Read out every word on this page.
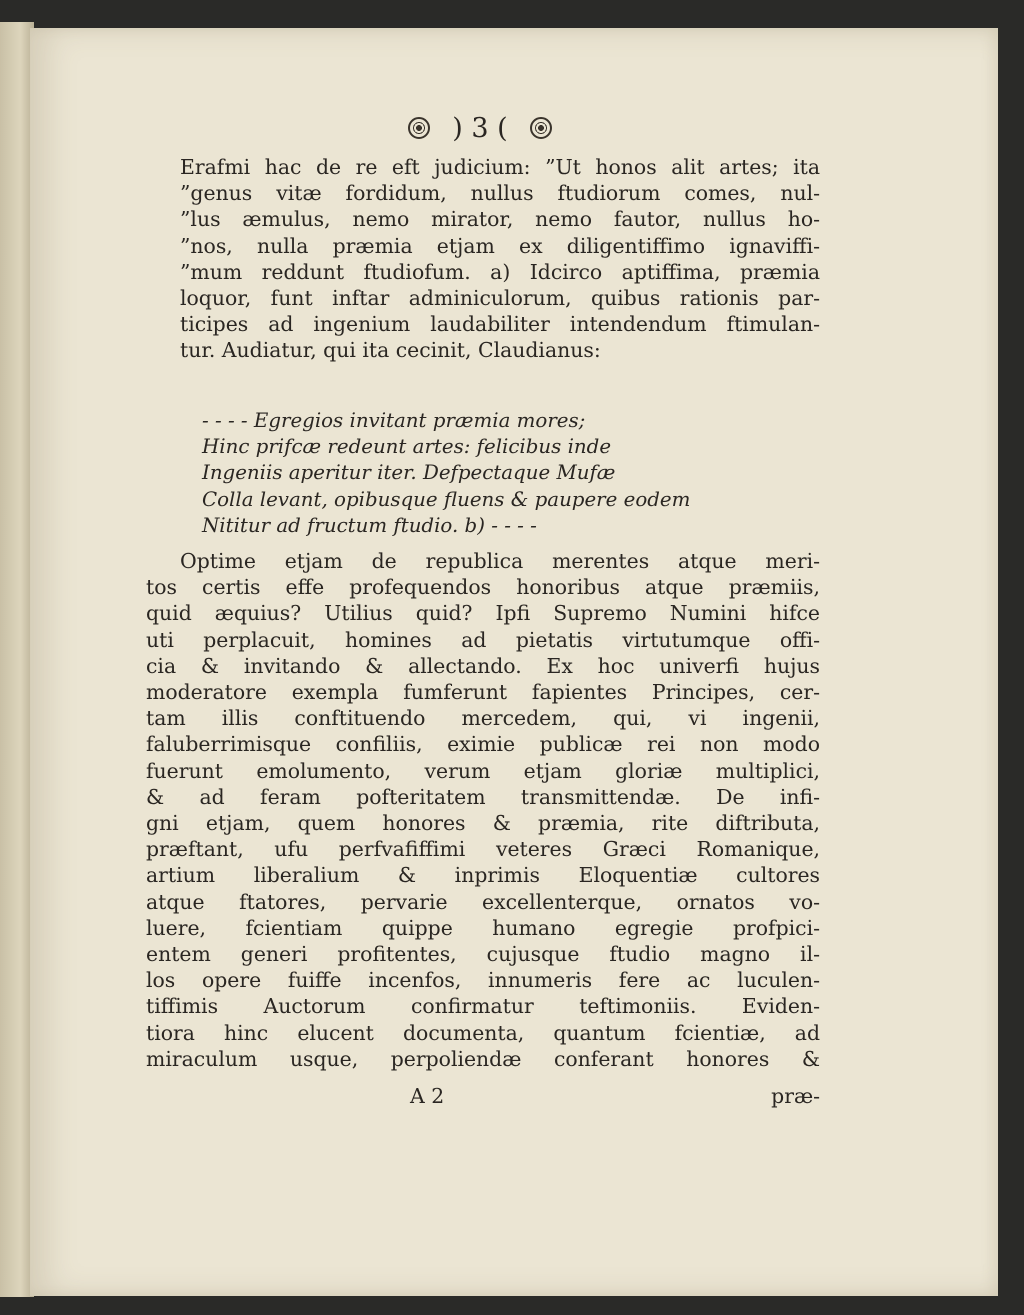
) 3 (
Erafmi hac de re eft judicium: ”Ut honos alit artes; ita
”genus vitæ fordidum, nullus ftudiorum comes, nul-
”lus æmulus, nemo mirator, nemo fautor, nullus ho-
”nos, nulla præmia etjam ex diligentiffimo ignaviffi-
”mum reddunt ftudiofum. a) Idcirco aptiffima, præmia
loquor, funt inftar adminiculorum, quibus rationis par-
ticipes ad ingenium laudabiliter intendendum ftimulan-
tur. Audiatur, qui ita cecinit, Claudianus:
- - - - Egregios invitant præmia mores;
Hinc prifcæ redeunt artes: felicibus inde
Ingeniis aperitur iter. Defpectaque Mufæ
Colla levant, opibusque fluens & paupere eodem
Nititur ad fructum ftudio. b) - - - -
Optime etjam de republica merentes atque meri-
tos certis effe profequendos honoribus atque præmiis,
quid æquius? Utilius quid? Ipfi Supremo Numini hifce
uti perplacuit, homines ad pietatis virtutumque offi-
cia & invitando & allectando. Ex hoc univerfi hujus
moderatore exempla fumferunt fapientes Principes, cer-
tam illis conftituendo mercedem, qui, vi ingenii,
faluberrimisque confiliis, eximie publicæ rei non modo
fuerunt emolumento, verum etjam gloriæ multiplici,
& ad feram pofteritatem transmittendæ. De infi-
gni etjam, quem honores & præmia, rite diftributa,
præftant, ufu perfvafiffimi veteres Græci Romanique,
artium liberalium & inprimis Eloquentiæ cultores
atque ftatores, pervarie excellenterque, ornatos vo-
luere, fcientiam quippe humano egregie profpici-
entem generi profitentes, cujusque ftudio magno il-
los opere fuiffe incenfos, innumeris fere ac luculen-
tiffimis Auctorum confirmatur teftimoniis. Eviden-
tiora hinc elucent documenta, quantum fcientiæ, ad
miraculum usque, perpoliendæ conferant honores &
A 2	præ-
